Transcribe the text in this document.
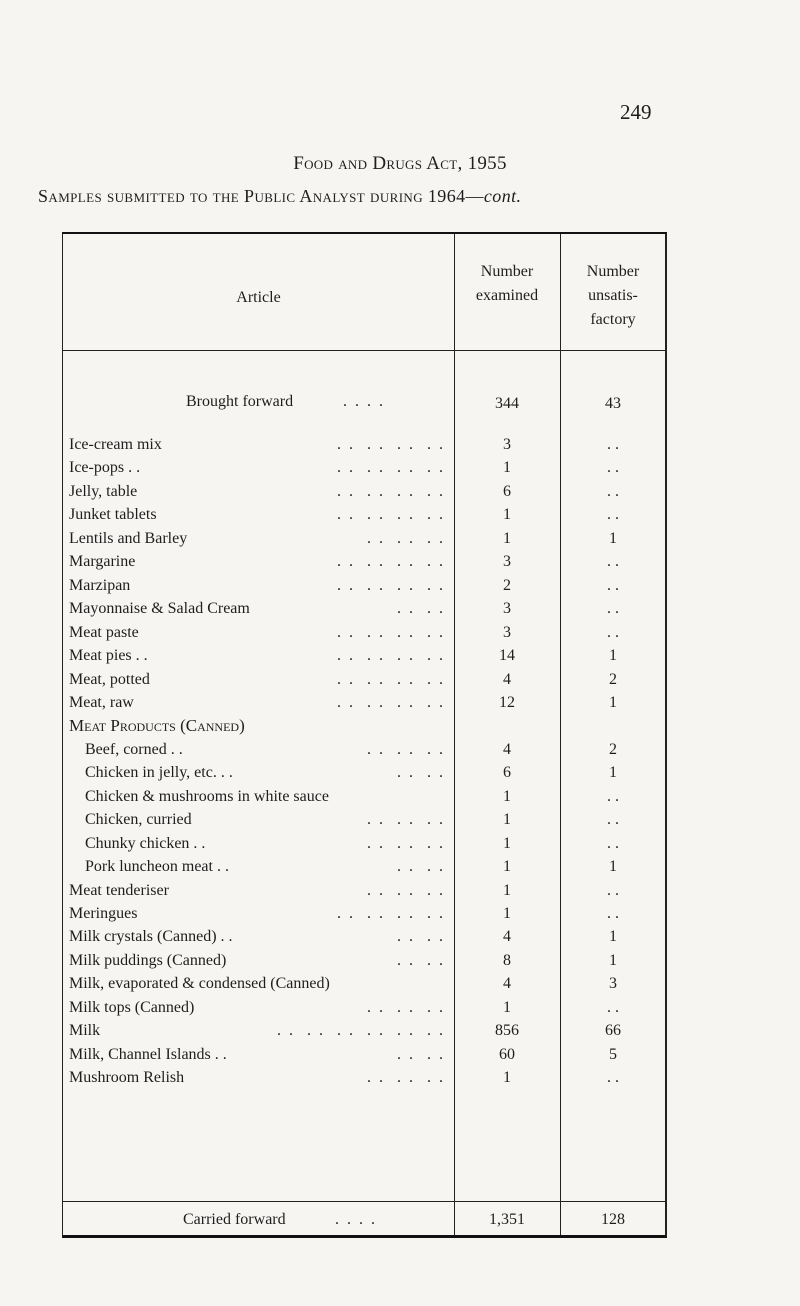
249
Food and Drugs Act, 1955
Samples submitted to the Public Analyst during 1964—cont.
Article
Number
examined
Number
unsatis-
factory
Brought forward	. . . .	344	43
Ice-cream mix	. .  . .  . .  . .	3	. .
Ice-pops . .	. .  . .  . .  . .	1	. .
Jelly, table	. .  . .  . .  . .	6	. .
Junket tablets	. .  . .  . .  . .	1	. .
Lentils and Barley	. .  . .  . .	1	1
Margarine	. .  . .  . .  . .	3	. .
Marzipan	. .  . .  . .  . .	2	. .
Mayonnaise & Salad Cream	. .  . .	3	. .
Meat paste	. .  . .  . .  . .	3	. .
Meat pies . .	. .  . .  . .  . .	14	1
Meat, potted	. .  . .  . .  . .	4	2
Meat, raw	. .  . .  . .  . .	12	1
Meat Products (Canned)
Beef, corned . .	. .  . .  . .	4	2
Chicken in jelly, etc. . .	. .  . .	6	1
Chicken & mushrooms in white sauce	1	. .
Chicken, curried	. .  . .  . .	1	. .
Chunky chicken . .	. .  . .  . .	1	. .
Pork luncheon meat . .	. .  . .	1	1
Meat tenderiser	. .  . .  . .	1	. .
Meringues	. .  . .  . .  . .	1	. .
Milk crystals (Canned) . .	. .  . .	4	1
Milk puddings (Canned)	. .  . .	8	1
Milk, evaporated & condensed (Canned)	4	3
Milk tops (Canned)	. .  . .  . .	1	. .
Milk	. .  . .  . .  . .  . .  . .	856	66
Milk, Channel Islands . .	. .  . .	60	5
Mushroom Relish	. .  . .  . .	1	. .
Carried forward	. . . .	1,351	128
